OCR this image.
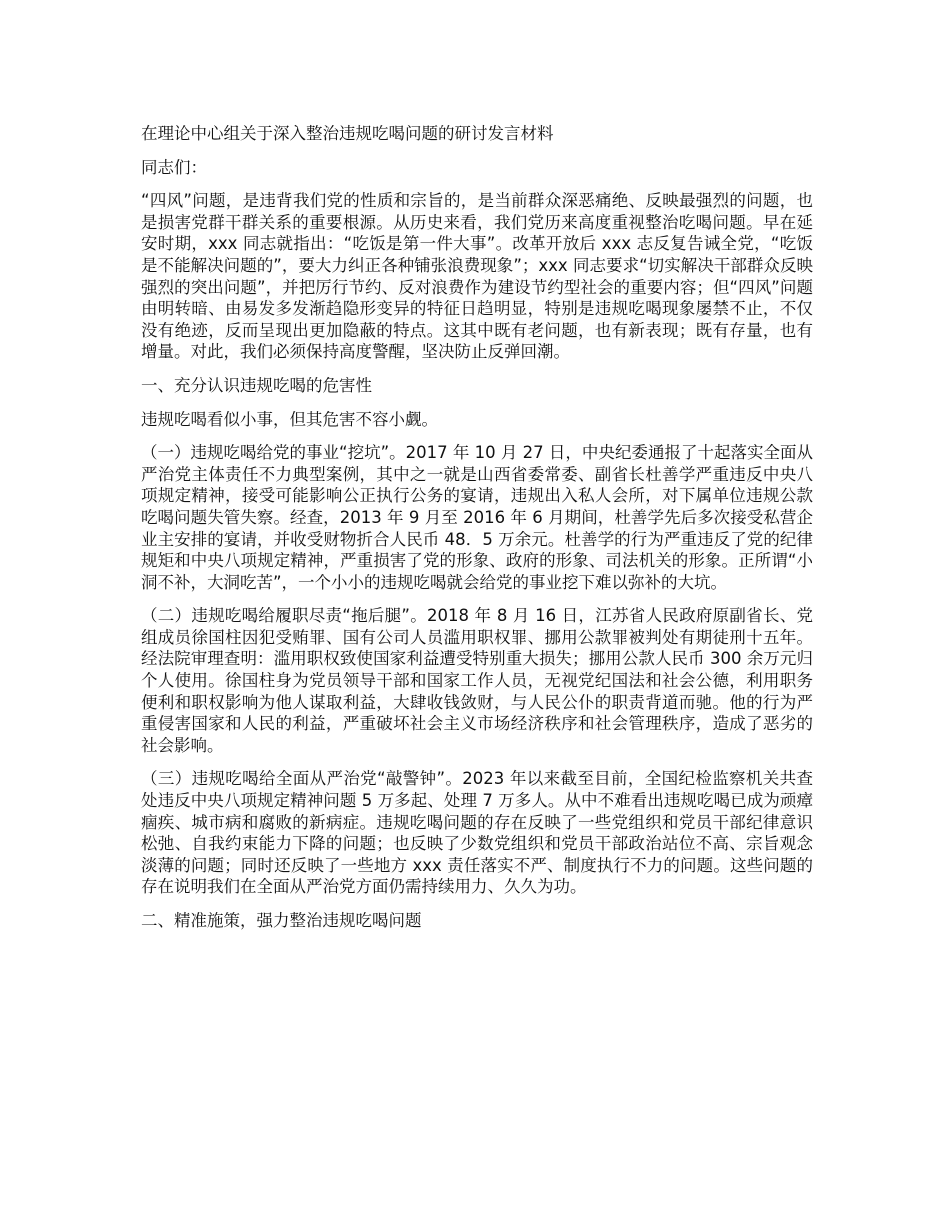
在理论中心组关于深入整治违规吃喝问题的研讨发言材料

同志们：

“四风”问题，是违背我们党的性质和宗旨的，是当前群众深恶痛绝、反映最强烈的问题，也是损害党群干群关系的重要根源。从历史来看，我们党历来高度重视整治吃喝问题。早在延安时期，xxx 同志就指出：“吃饭是第一件大事”。改革开放后 xxx 志反复告诫全党，“吃饭是不能解决问题的”，要大力纠正各种铺张浪费现象”；xxx 同志要求“切实解决干部群众反映强烈的突出问题”，并把厉行节约、反对浪费作为建设节约型社会的重要内容；但“四风”问题由明转暗、由易发多发渐趋隐形变异的特征日趋明显，特别是违规吃喝现象屡禁不止，不仅没有绝迹，反而呈现出更加隐蔽的特点。这其中既有老问题，也有新表现；既有存量，也有增量。对此，我们必须保持高度警醒，坚决防止反弹回潮。

一、充分认识违规吃喝的危害性

违规吃喝看似小事，但其危害不容小觑。

（一）违规吃喝给党的事业“挖坑”。2017 年 10 月 27 日，中央纪委通报了十起落实全面从严治党主体责任不力典型案例，其中之一就是山西省委常委、副省长杜善学严重违反中央八项规定精神，接受可能影响公正执行公务的宴请，违规出入私人会所，对下属单位违规公款吃喝问题失管失察。经查，2013 年 9 月至 2016 年 6 月期间，杜善学先后多次接受私营企业主安排的宴请，并收受财物折合人民币 48．5 万余元。杜善学的行为严重违反了党的纪律规矩和中央八项规定精神，严重损害了党的形象、政府的形象、司法机关的形象。正所谓“小洞不补，大洞吃苦”，一个小小的违规吃喝就会给党的事业挖下难以弥补的大坑。

（二）违规吃喝给履职尽责“拖后腿”。2018 年 8 月 16 日，江苏省人民政府原副省长、党组成员徐国柱因犯受贿罪、国有公司人员滥用职权罪、挪用公款罪被判处有期徒刑十五年。经法院审理查明：滥用职权致使国家利益遭受特别重大损失；挪用公款人民币 300 余万元归个人使用。徐国柱身为党员领导干部和国家工作人员，无视党纪国法和社会公德，利用职务便利和职权影响为他人谋取利益，大肆收钱敛财，与人民公仆的职责背道而驰。他的行为严重侵害国家和人民的利益，严重破坏社会主义市场经济秩序和社会管理秩序，造成了恶劣的社会影响。

（三）违规吃喝给全面从严治党“敲警钟”。2023 年以来截至目前，全国纪检监察机关共查处违反中央八项规定精神问题 5 万多起、处理 7 万多人。从中不难看出违规吃喝已成为顽瘴痼疾、城市病和腐败的新病症。违规吃喝问题的存在反映了一些党组织和党员干部纪律意识松弛、自我约束能力下降的问题；也反映了少数党组织和党员干部政治站位不高、宗旨观念淡薄的问题；同时还反映了一些地方 xxx 责任落实不严、制度执行不力的问题。这些问题的存在说明我们在全面从严治党方面仍需持续用力、久久为功。

二、精准施策，强力整治违规吃喝问题
